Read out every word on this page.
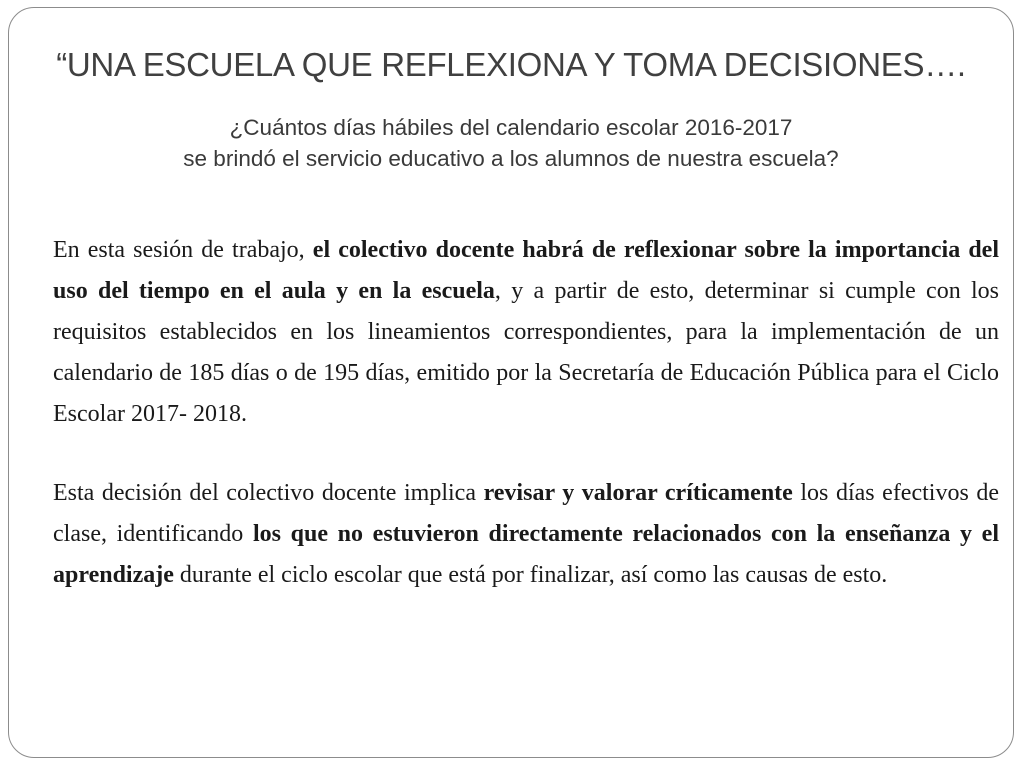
“UNA ESCUELA QUE REFLEXIONA Y TOMA DECISIONES….
¿Cuántos días hábiles del calendario escolar 2016-2017
se brindó el servicio educativo a los alumnos de nuestra escuela?

En esta sesión de trabajo, el colectivo docente habrá de reflexionar sobre la importancia del uso del tiempo en el aula y en la escuela, y a partir de esto, determinar si cumple con los requisitos establecidos en los lineamientos correspondientes, para la implementación de un calendario de 185 días o de 195 días, emitido por la Secretaría de Educación Pública para el Ciclo Escolar 2017- 2018.

Esta decisión del colectivo docente implica revisar y valorar críticamente los días efectivos de clase, identificando los que no estuvieron directamente relacionados con la enseñanza y el aprendizaje durante el ciclo escolar que está por finalizar, así como las causas de esto.
